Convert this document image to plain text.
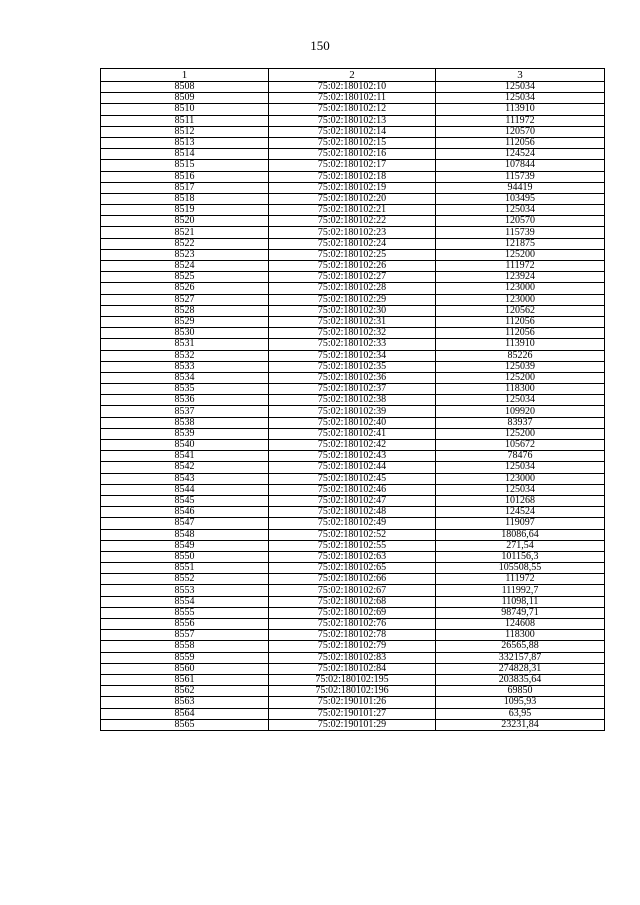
150
1	2	3
8508	75:02:180102:10	125034
8509	75:02:180102:11	125034
8510	75:02:180102:12	113910
8511	75:02:180102:13	111972
8512	75:02:180102:14	120570
8513	75:02:180102:15	112056
8514	75:02:180102:16	124524
8515	75:02:180102:17	107844
8516	75:02:180102:18	115739
8517	75:02:180102:19	94419
8518	75:02:180102:20	103495
8519	75:02:180102:21	125034
8520	75:02:180102:22	120570
8521	75:02:180102:23	115739
8522	75:02:180102:24	121875
8523	75:02:180102:25	125200
8524	75:02:180102:26	111972
8525	75:02:180102:27	123924
8526	75:02:180102:28	123000
8527	75:02:180102:29	123000
8528	75:02:180102:30	120562
8529	75:02:180102:31	112056
8530	75:02:180102:32	112056
8531	75:02:180102:33	113910
8532	75:02:180102:34	85226
8533	75:02:180102:35	125039
8534	75:02:180102:36	125200
8535	75:02:180102:37	118300
8536	75:02:180102:38	125034
8537	75:02:180102:39	109920
8538	75:02:180102:40	83937
8539	75:02:180102:41	125200
8540	75:02:180102:42	105672
8541	75:02:180102:43	78476
8542	75:02:180102:44	125034
8543	75:02:180102:45	123000
8544	75:02:180102:46	125034
8545	75:02:180102:47	101268
8546	75:02:180102:48	124524
8547	75:02:180102:49	119097
8548	75:02:180102:52	18086,64
8549	75:02:180102:55	271,54
8550	75:02:180102:63	101156,3
8551	75:02:180102:65	105508,55
8552	75:02:180102:66	111972
8553	75:02:180102:67	111992,7
8554	75:02:180102:68	11098,11
8555	75:02:180102:69	98749,71
8556	75:02:180102:76	124608
8557	75:02:180102:78	118300
8558	75:02:180102:79	26565,88
8559	75:02:180102:83	332157,87
8560	75:02:180102:84	274828,31
8561	75:02:180102:195	203835,64
8562	75:02:180102:196	69850
8563	75:02:190101:26	1095,93
8564	75:02:190101:27	63,95
8565	75:02:190101:29	23231,84
